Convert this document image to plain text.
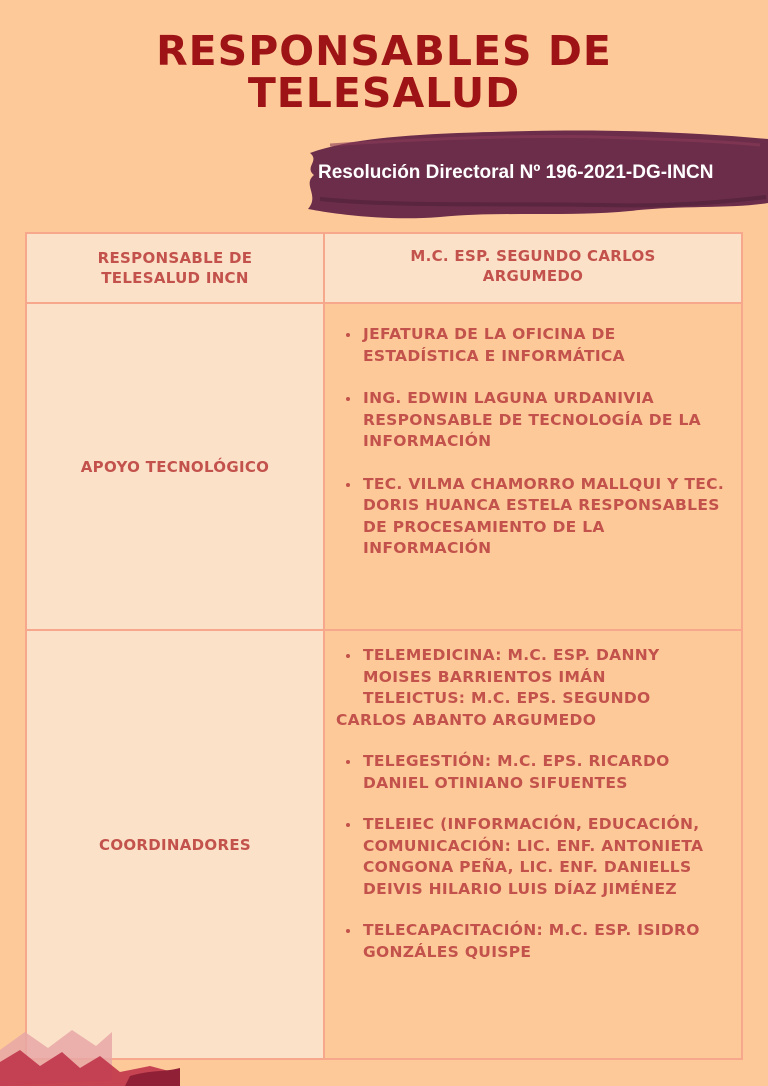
RESPONSABLES DE
TELESALUD
Resolución Directoral Nº 196-2021-DG-INCN
RESPONSABLE DE TELESALUD INCN
M.C. ESP. SEGUNDO CARLOS ARGUMEDO
APOYO TECNOLÓGICO
JEFATURA DE LA OFICINA DE ESTADÍSTICA E INFORMÁTICA
ING. EDWIN LAGUNA URDANIVIA RESPONSABLE DE TECNOLOGÍA DE LA INFORMACIÓN
TEC. VILMA CHAMORRO MALLQUI Y TEC. DORIS HUANCA ESTELA RESPONSABLES DE PROCESAMIENTO DE LA INFORMACIÓN
COORDINADORES
TELEMEDICINA: M.C. ESP. DANNY MOISES BARRIENTOS IMÁN
TELEICTUS: M.C. EPS. SEGUNDO
CARLOS ABANTO ARGUMEDO
TELEGESTIÓN: M.C. EPS. RICARDO DANIEL OTINIANO SIFUENTES
TELEIEC (INFORMACIÓN, EDUCACIÓN, COMUNICACIÓN: LIC. ENF. ANTONIETA CONGONA PEÑA, LIC. ENF. DANIELLS DEIVIS HILARIO LUIS DÍAZ JIMÉNEZ
TELECAPACITACIÓN: M.C. ESP. ISIDRO GONZÁLES QUISPE
